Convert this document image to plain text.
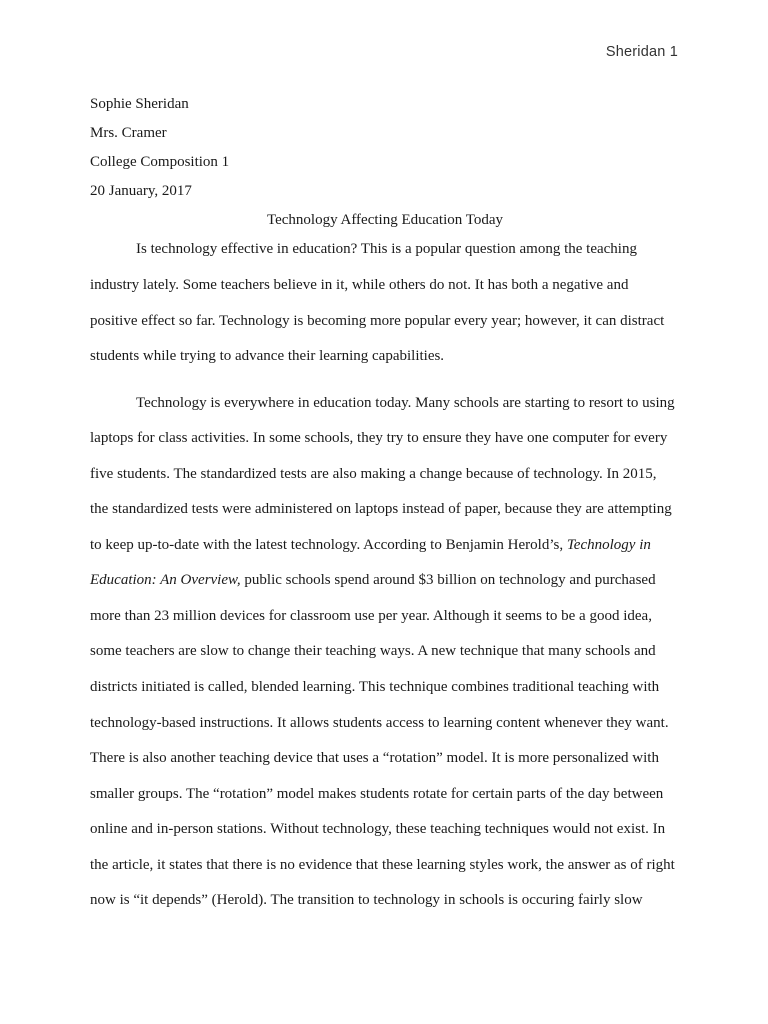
Sheridan 1
Sophie Sheridan
Mrs. Cramer
College Composition 1
20 January, 2017
Technology Affecting Education Today
Is technology effective in education? This is a popular question among the teaching
industry lately. Some teachers believe in it, while others do not. It has both a negative and
positive effect so far. Technology is becoming more popular every year; however, it can distract
students while trying to advance their learning capabilities.
Technology is everywhere in education today. Many schools are starting to resort to using
laptops for class activities. In some schools, they try to ensure they have one computer for every
five students. The standardized tests are also making a change because of technology. In 2015,
the standardized tests were administered on laptops instead of paper, because they are attempting
to keep up-to-date with the latest technology. According to Benjamin Herold’s, Technology in
Education: An Overview, public schools spend around $3 billion on technology and purchased
more than 23 million devices for classroom use per year. Although it seems to be a good idea,
some teachers are slow to change their teaching ways. A new technique that many schools and
districts initiated is called, blended learning. This technique combines traditional teaching with
technology-based instructions. It allows students access to learning content whenever they want.
There is also another teaching device that uses a “rotation” model. It is more personalized with
smaller groups. The “rotation” model makes students rotate for certain parts of the day between
online and in-person stations. Without technology, these teaching techniques would not exist. In
the article, it states that there is no evidence that these learning styles work, the answer as of right
now is “it depends” (Herold). The transition to technology in schools is occuring fairly slow
